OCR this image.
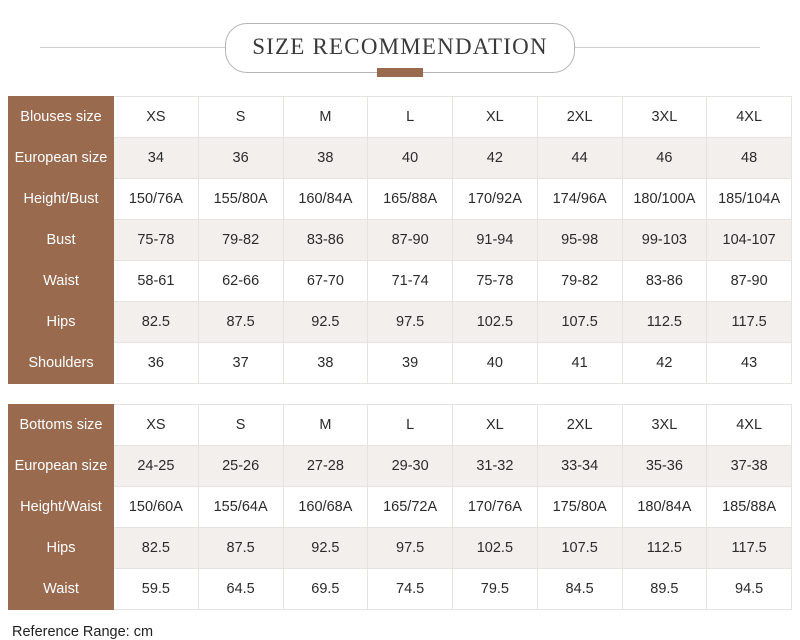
SIZE RECOMMENDATION
Blouses size	XS	S	M	L	XL	2XL	3XL	4XL
European size	34	36	38	40	42	44	46	48
Height/Bust	150/76A	155/80A	160/84A	165/88A	170/92A	174/96A	180/100A	185/104A
Bust	75-78	79-82	83-86	87-90	91-94	95-98	99-103	104-107
Waist	58-61	62-66	67-70	71-74	75-78	79-82	83-86	87-90
Hips	82.5	87.5	92.5	97.5	102.5	107.5	112.5	117.5
Shoulders	36	37	38	39	40	41	42	43
Bottoms size	XS	S	M	L	XL	2XL	3XL	4XL
European size	24-25	25-26	27-28	29-30	31-32	33-34	35-36	37-38
Height/Waist	150/60A	155/64A	160/68A	165/72A	170/76A	175/80A	180/84A	185/88A
Hips	82.5	87.5	92.5	97.5	102.5	107.5	112.5	117.5
Waist	59.5	64.5	69.5	74.5	79.5	84.5	89.5	94.5
Reference Range: cm
